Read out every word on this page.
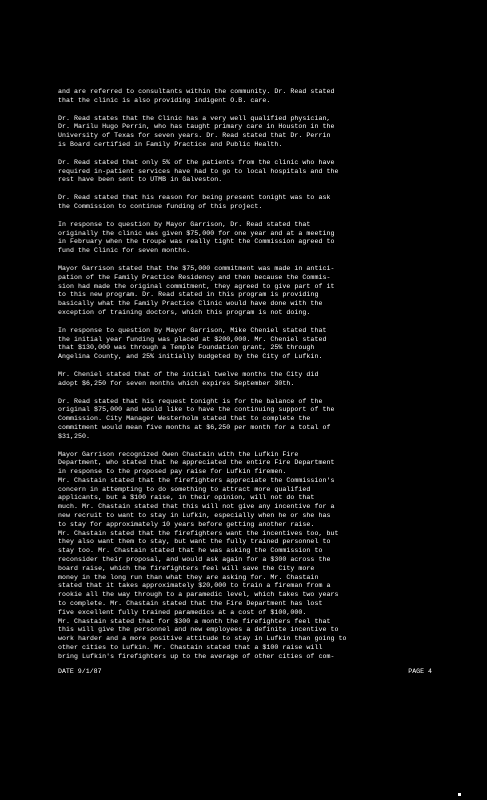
and are referred to consultants within the community. Dr. Read stated
that the clinic is also providing indigent O.B. care.

Dr. Read states that the Clinic has a very well qualified physician,
Dr. Marilu Hugo Perrin, who has taught primary care in Houston in the
University of Texas for seven years. Dr. Read stated that Dr. Perrin
is Board certified in Family Practice and Public Health.

Dr. Read stated that only 5% of the patients from the clinic who have
required in-patient services have had to go to local hospitals and the
rest have been sent to UTMB in Galveston.

Dr. Read stated that his reason for being present tonight was to ask
the Commission to continue funding of this project.

In response to question by Mayor Garrison, Dr. Read stated that
originally the clinic was given $75,000 for one year and at a meeting
in February when the troupe was really tight the Commission agreed to
fund the Clinic for seven months.

Mayor Garrison stated that the $75,000 commitment was made in antici-
pation of the Family Practice Residency and then because the Commis-
sion had made the original commitment, they agreed to give part of it
to this new program. Dr. Read stated in this program is providing
basically what the Family Practice Clinic would have done with the
exception of training doctors, which this program is not doing.

In response to question by Mayor Garrison, Mike Cheniel stated that
the initial year funding was placed at $200,000. Mr. Cheniel stated
that $130,000 was through a Temple Foundation grant, 25% through
Angelina County, and 25% initially budgeted by the City of Lufkin.

Mr. Cheniel stated that of the initial twelve months the City did
adopt $6,250 for seven months which expires September 30th.

Dr. Read stated that his request tonight is for the balance of the
original $75,000 and would like to have the continuing support of the
Commission. City Manager Westerholm stated that to complete the
commitment would mean five months at $6,250 per month for a total of
$31,250.

Mayor Garrison recognized Owen Chastain with the Lufkin Fire
Department, who stated that he appreciated the entire Fire Department
in response to the proposed pay raise for Lufkin firemen.
Mr. Chastain stated that the firefighters appreciate the Commission's
concern in attempting to do something to attract more qualified
applicants, but a $100 raise, in their opinion, will not do that
much. Mr. Chastain stated that this will not give any incentive for a
new recruit to want to stay in Lufkin, especially when he or she has
to stay for approximately 10 years before getting another raise.
Mr. Chastain stated that the firefighters want the incentives too, but
they also want them to stay, but want the fully trained personnel to
stay too. Mr. Chastain stated that he was asking the Commission to
reconsider their proposal, and would ask again for a $300 across the
board raise, which the firefighters feel will save the City more
money in the long run than what they are asking for. Mr. Chastain
stated that it takes approximately $20,000 to train a fireman from a
rookie all the way through to a paramedic level, which takes two years
to complete. Mr. Chastain stated that the Fire Department has lost
five excellent fully trained paramedics at a cost of $100,000.
Mr. Chastain stated that for $300 a month the firefighters feel that
this will give the personnel and new employees a definite incentive to
work harder and a more positive attitude to stay in Lufkin than going to
other cities to Lufkin. Mr. Chastain stated that a $100 raise will
bring Lufkin's firefighters up to the average of other cities of com-

DATE 9/1/87	PAGE 4
